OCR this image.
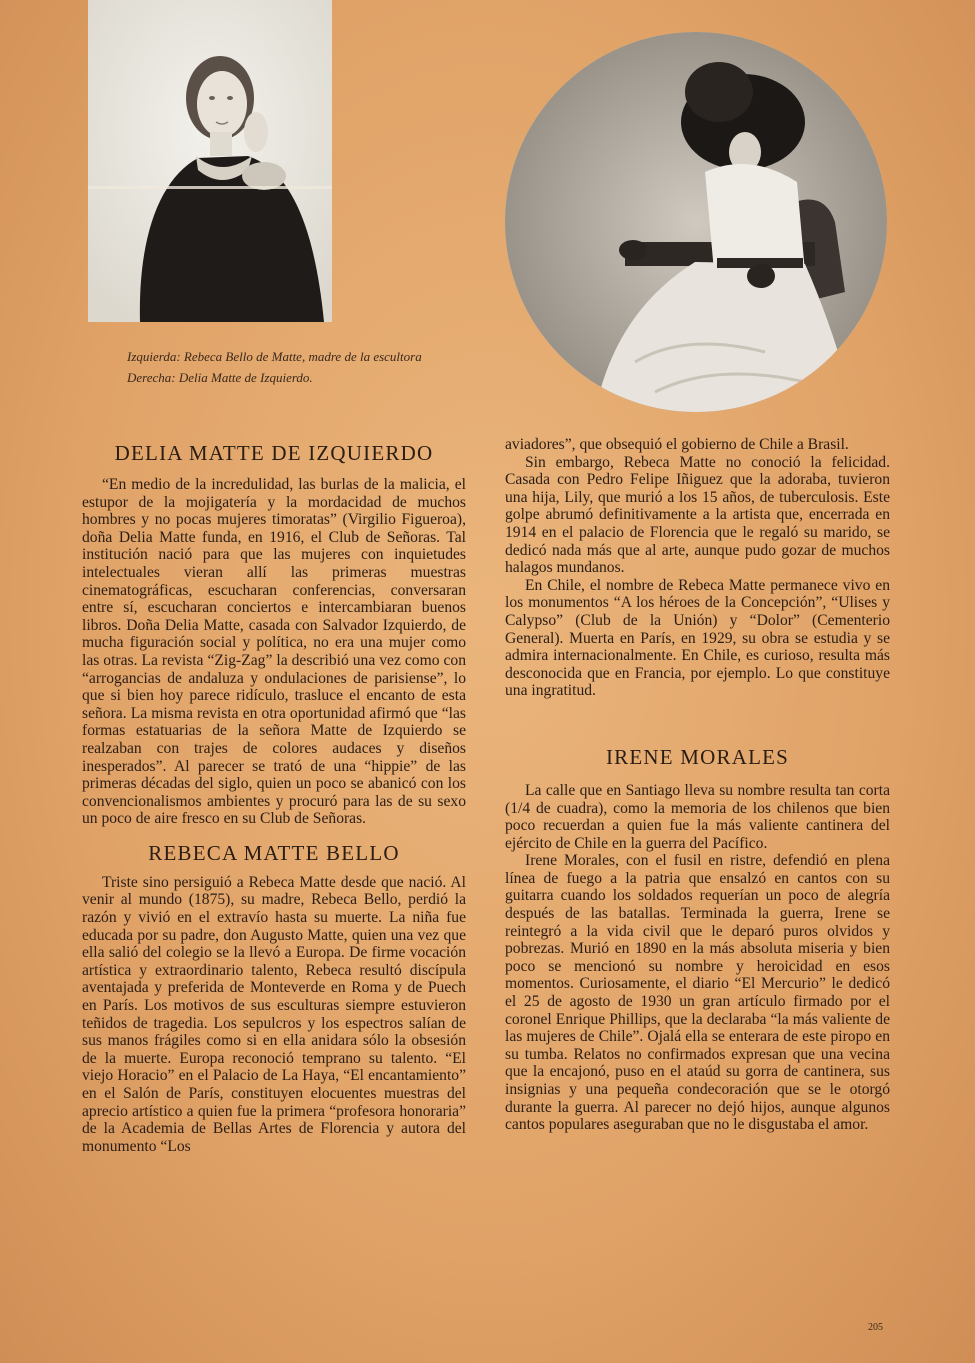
Izquierda: Rebeca Bello de Matte, madre de la escultora
Derecha: Delia Matte de Izquierdo.
DELIA MATTE DE IZQUIERDO

“En medio de la incredulidad, las burlas de la malicia, el estupor de la mojigatería y la mordacidad de muchos hombres y no pocas mujeres timoratas” (Virgilio Figueroa), doña Delia Matte funda, en 1916, el Club de Señoras. Tal institución nació para que las mujeres con inquietudes intelectuales vieran allí las primeras muestras cinematográficas, escucharan conferencias, conversaran entre sí, escucharan conciertos e intercambiaran buenos libros. Doña Delia Matte, casada con Salvador Izquierdo, de mucha figuración social y política, no era una mujer como las otras. La revista “Zig-Zag” la describió una vez como con “arrogancias de andaluza y ondulaciones de parisiense”, lo que si bien hoy parece ridículo, trasluce el encanto de esta señora. La misma revista en otra oportunidad afirmó que “las formas estatuarias de la señora Matte de Izquierdo se realzaban con trajes de colores audaces y diseños inesperados”. Al parecer se trató de una “hippie” de las primeras décadas del siglo, quien un poco se abanicó con los convencionalismos ambientes y procuró para las de su sexo un poco de aire fresco en su Club de Señoras.

REBECA MATTE BELLO

Triste sino persiguió a Rebeca Matte desde que nació. Al venir al mundo (1875), su madre, Rebeca Bello, perdió la razón y vivió en el extravío hasta su muerte. La niña fue educada por su padre, don Augusto Matte, quien una vez que ella salió del colegio se la llevó a Europa. De firme vocación artística y extraordinario talento, Rebeca resultó discípula aventajada y preferida de Monteverde en Roma y de Puech en París. Los motivos de sus esculturas siempre estuvieron teñidos de tragedia. Los sepulcros y los espectros salían de sus manos frágiles como si en ella anidara sólo la obsesión de la muerte. Europa reconoció temprano su talento. “El viejo Horacio” en el Palacio de La Haya, “El encantamiento” en el Salón de París, constituyen elocuentes muestras del aprecio artístico a quien fue la primera “profesora honoraria” de la Academia de Bellas Artes de Florencia y autora del monumento “Los

aviadores”, que obsequió el gobierno de Chile a Brasil.

Sin embargo, Rebeca Matte no conoció la felicidad. Casada con Pedro Felipe Iñiguez que la adoraba, tuvieron una hija, Lily, que murió a los 15 años, de tuberculosis. Este golpe abrumó definitivamente a la artista que, encerrada en 1914 en el palacio de Florencia que le regaló su marido, se dedicó nada más que al arte, aunque pudo gozar de muchos halagos mundanos.

En Chile, el nombre de Rebeca Matte permanece vivo en los monumentos “A los héroes de la Concepción”, “Ulises y Calypso” (Club de la Unión) y “Dolor” (Cementerio General). Muerta en París, en 1929, su obra se estudia y se admira internacionalmente. En Chile, es curioso, resulta más desconocida que en Francia, por ejemplo. Lo que constituye una ingratitud.

IRENE MORALES

La calle que en Santiago lleva su nombre resulta tan corta (1/4 de cuadra), como la memoria de los chilenos que bien poco recuerdan a quien fue la más valiente cantinera del ejército de Chile en la guerra del Pacífico.

Irene Morales, con el fusil en ristre, defendió en plena línea de fuego a la patria que ensalzó en cantos con su guitarra cuando los soldados requerían un poco de alegría después de las batallas. Terminada la guerra, Irene se reintegró a la vida civil que le deparó puros olvidos y pobrezas. Murió en 1890 en la más absoluta miseria y bien poco se mencionó su nombre y heroicidad en esos momentos. Curiosamente, el diario “El Mercurio” le dedicó el 25 de agosto de 1930 un gran artículo firmado por el coronel Enrique Phillips, que la declaraba “la más valiente de las mujeres de Chile”. Ojalá ella se enterara de este piropo en su tumba. Relatos no confirmados expresan que una vecina que la encajonó, puso en el ataúd su gorra de cantinera, sus insignias y una pequeña condecoración que se le otorgó durante la guerra. Al parecer no dejó hijos, aunque algunos cantos populares aseguraban que no le disgustaba el amor.

205
